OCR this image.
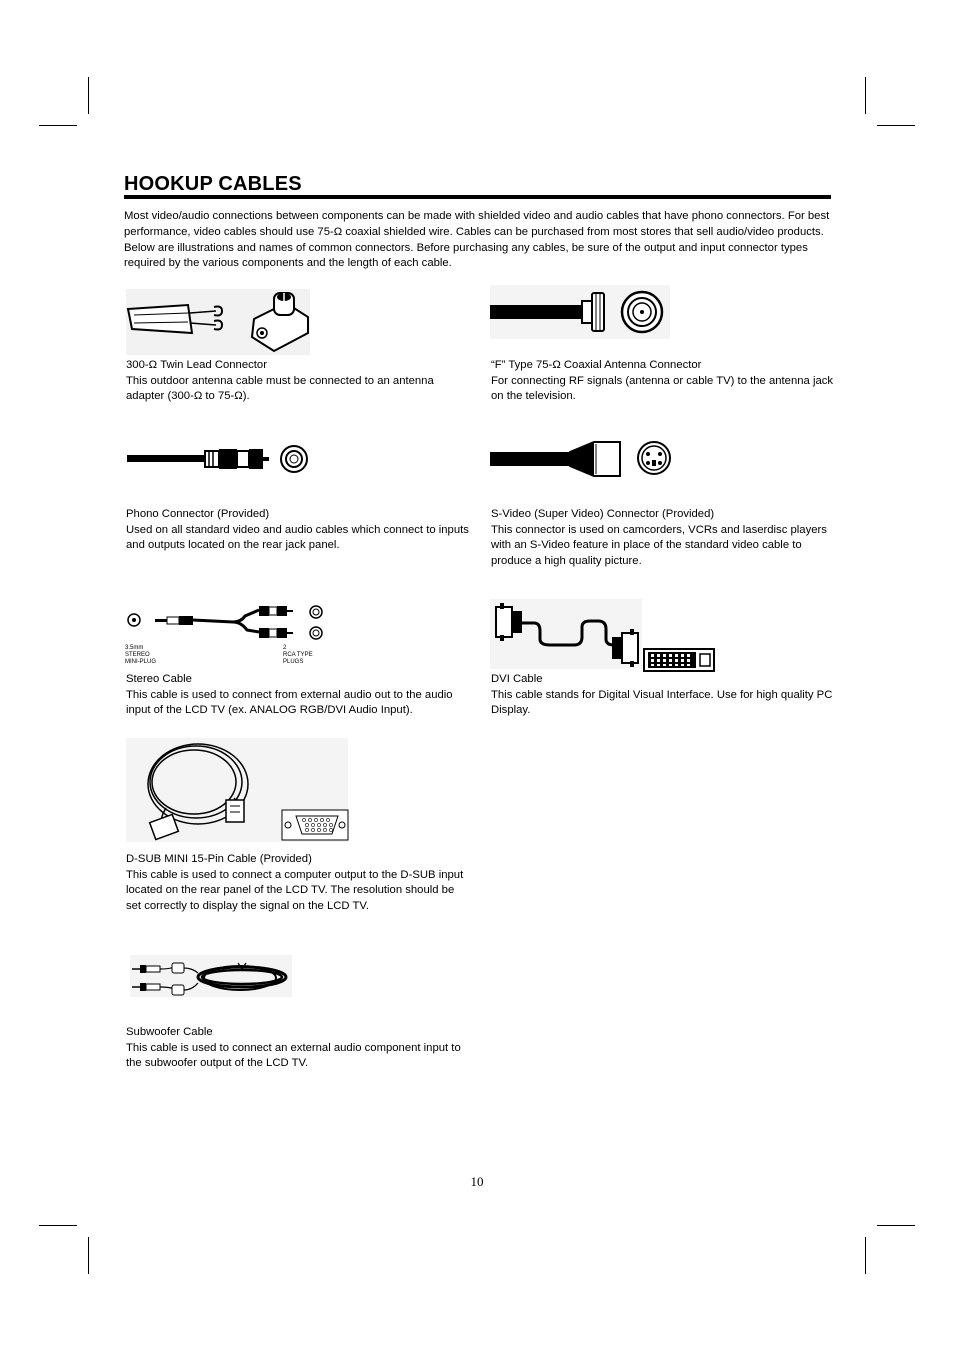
HOOKUP CABLES

Most video/audio connections between components can be made with shielded video and audio cables that have phono connectors. For best performance, video cables should use 75-Ω coaxial shielded wire. Cables can be purchased from most stores that sell audio/video products. Below are illustrations and names of common connectors. Before purchasing any cables, be sure of the output and input connector types required by the various components and the length of each cable.

300-Ω Twin Lead Connector

This outdoor antenna cable must be connected to an antenna adapter (300-Ω to 75-Ω).

“F” Type 75-Ω Coaxial Antenna Connector

For connecting RF signals (antenna or cable TV) to the antenna jack on the television.

Phono Connector (Provided)

Used on all standard video and audio cables which connect to inputs and outputs located on the rear jack panel.

S-Video (Super Video) Connector (Provided)

This connector is used on camcorders, VCRs and laserdisc players with an S-Video feature in place of the standard video cable to produce a high quality picture.

3.5mm
STEREO
MINI-PLUG
2
RCA TYPE
PLUGS

Stereo Cable

This cable is used to connect from external audio out to the audio input of the LCD TV (ex. ANALOG RGB/DVI Audio Input).

DVI Cable

This cable stands for Digital Visual Interface. Use for high quality PC Display.

D-SUB MINI 15-Pin Cable (Provided)

This cable is used to connect a computer output to the D-SUB input located on the rear panel of the LCD TV. The resolution should be set correctly to display the signal on the LCD TV.

Subwoofer Cable

This cable is used to connect an external audio component input to the subwoofer output of the LCD TV.

10
